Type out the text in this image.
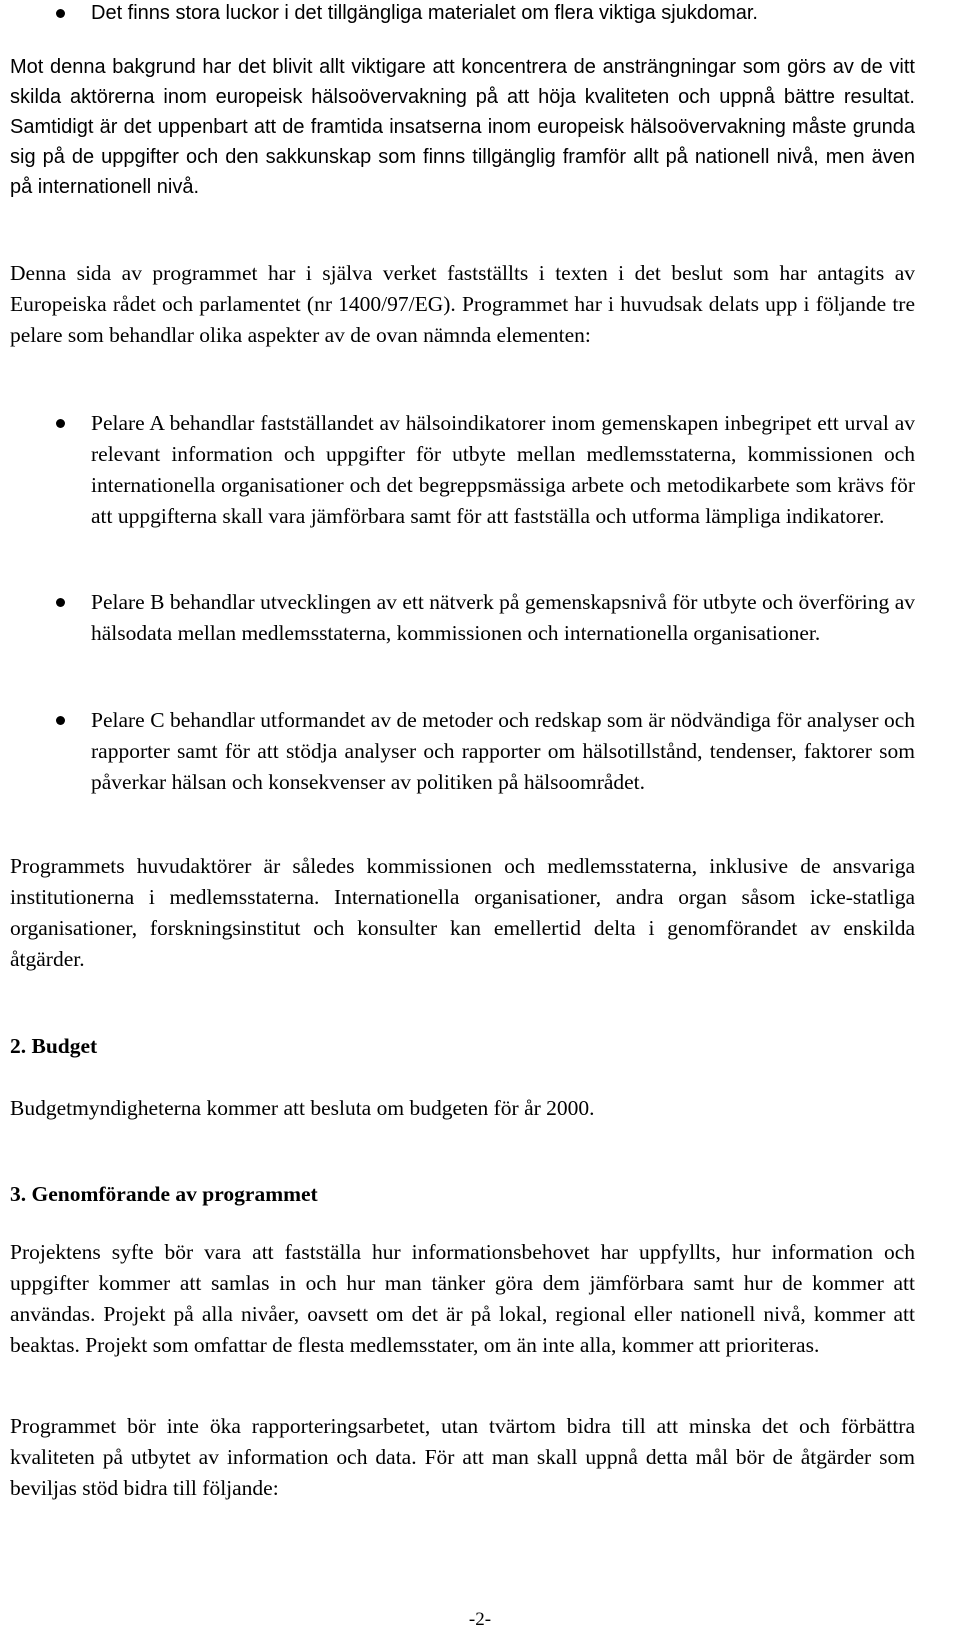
Det finns stora luckor i det tillgängliga materialet om flera viktiga sjukdomar.

Mot denna bakgrund har det blivit allt viktigare att koncentrera de ansträngningar som görs av de vitt skilda aktörerna inom europeisk hälsoövervakning på att höja kvaliteten och uppnå bättre resultat. Samtidigt är det uppenbart att de framtida insatserna inom europeisk hälsoövervakning måste grunda sig på de uppgifter och den sakkunskap som finns tillgänglig framför allt på nationell nivå, men även på internationell nivå.

Denna sida av programmet har i själva verket fastställts i texten i det beslut som har antagits av Europeiska rådet och parlamentet (nr 1400/97/EG). Programmet har i huvudsak delats upp i följande tre pelare som behandlar olika aspekter av de ovan nämnda elementen:

Pelare A behandlar fastställandet av hälsoindikatorer inom gemenskapen inbegripet ett urval av relevant information och uppgifter för utbyte mellan medlemsstaterna, kommissionen och internationella organisationer och det begreppsmässiga arbete och metodikarbete som krävs för att uppgifterna skall vara jämförbara samt för att fastställa och utforma lämpliga indikatorer.
Pelare B behandlar utvecklingen av ett nätverk på gemenskapsnivå för utbyte och överföring av hälsodata mellan medlemsstaterna, kommissionen och internationella organisationer.
Pelare C behandlar utformandet av de metoder och redskap som är nödvändiga för analyser och rapporter samt för att stödja analyser och rapporter om hälsotillstånd, tendenser, faktorer som påverkar hälsan och konsekvenser av politiken på hälsoområdet.

Programmets huvudaktörer är således kommissionen och medlemsstaterna, inklusive de ansvariga institutionerna i medlemsstaterna. Internationella organisationer, andra organ såsom icke-statliga organisationer, forskningsinstitut och konsulter kan emellertid delta i genomförandet av enskilda åtgärder.

2. Budget

Budgetmyndigheterna kommer att besluta om budgeten för år 2000.

3. Genomförande av programmet

Projektens syfte bör vara att fastställa hur informationsbehovet har uppfyllts, hur information och uppgifter kommer att samlas in och hur man tänker göra dem jämförbara samt hur de kommer att användas. Projekt på alla nivåer, oavsett om det är på lokal, regional eller nationell nivå, kommer att beaktas. Projekt som omfattar de flesta medlemsstater, om än inte alla, kommer att prioriteras.

Programmet bör inte öka rapporteringsarbetet, utan tvärtom bidra till att minska det och förbättra kvaliteten på utbytet av information och data. För att man skall uppnå detta mål bör de åtgärder som beviljas stöd bidra till följande:

-2-
